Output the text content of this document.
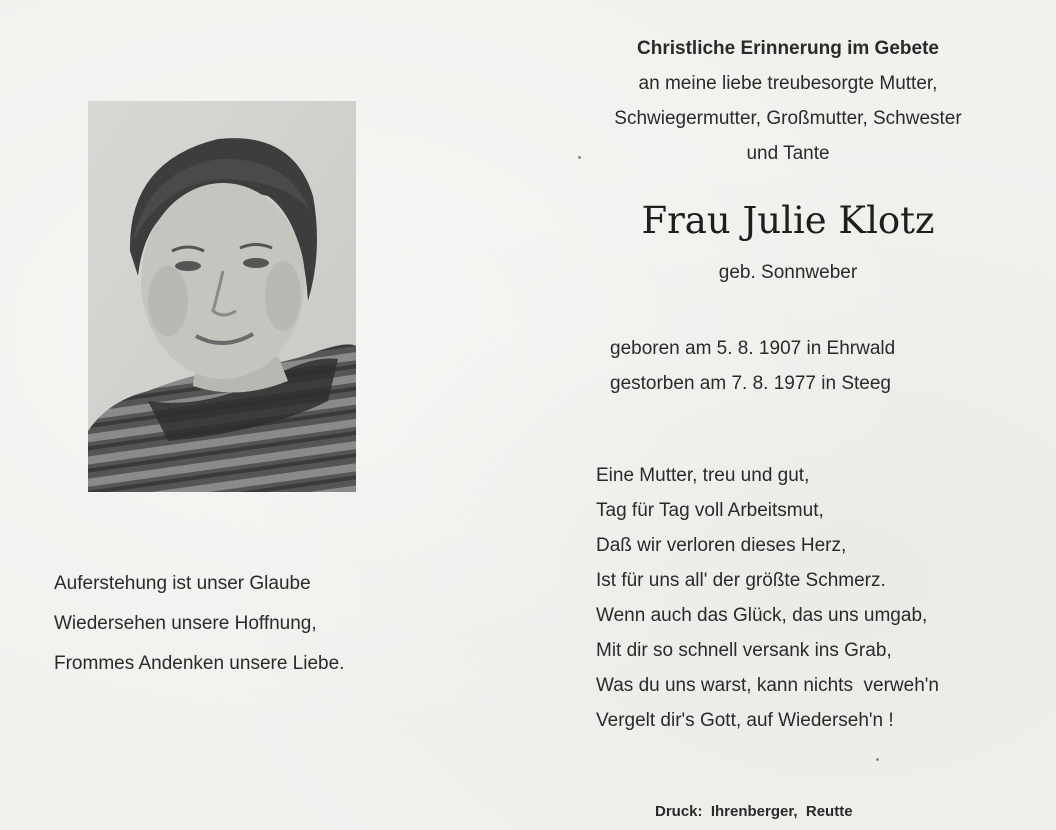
Christliche Erinnerung im Gebete
an meine liebe treubesorgte Mutter,
Schwiegermutter, Großmutter, Schwester
und Tante
Frau Julie Klotz
geb. Sonnweber
geboren am 5. 8. 1907 in Ehrwald
gestorben am 7. 8. 1977 in Steeg
Eine Mutter, treu und gut,
Tag für Tag voll Arbeitsmut,
Daß wir verloren dieses Herz,
Ist für uns all' der größte Schmerz.
Wenn auch das Glück, das uns umgab,
Mit dir so schnell versank ins Grab,
Was du uns warst, kann nichts  verweh'n
Vergelt dir's Gott, auf Wiederseh'n !
Auferstehung ist unser Glaube
Wiedersehen unsere Hoffnung,
Frommes Andenken unsere Liebe.
Druck:  Ihrenberger,  Reutte
